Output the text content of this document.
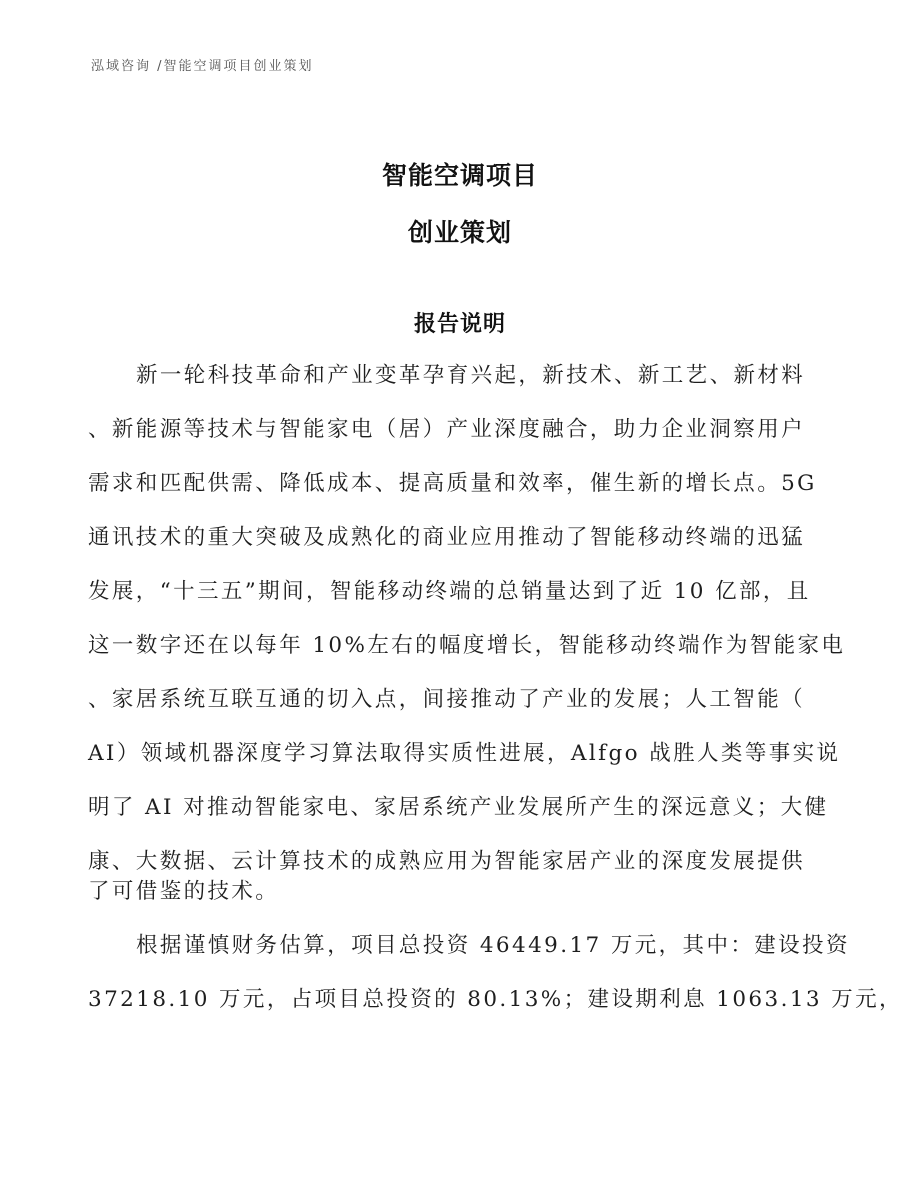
泓域咨询 /智能空调项目创业策划
智能空调项目
创业策划
报告说明
新一轮科技革命和产业变革孕育兴起，新技术、新工艺、新材料
、新能源等技术与智能家电（居）产业深度融合，助力企业洞察用户
需求和匹配供需、降低成本、提高质量和效率，催生新的增长点。5G
通讯技术的重大突破及成熟化的商业应用推动了智能移动终端的迅猛
发展，“十三五”期间，智能移动终端的总销量达到了近 10 亿部，且
这一数字还在以每年 10%左右的幅度增长，智能移动终端作为智能家电
、家居系统互联互通的切入点，间接推动了产业的发展；人工智能（
AI）领域机器深度学习算法取得实质性进展，Alfgo 战胜人类等事实说
明了 AI 对推动智能家电、家居系统产业发展所产生的深远意义；大健
康、大数据、云计算技术的成熟应用为智能家居产业的深度发展提供
了可借鉴的技术。
根据谨慎财务估算，项目总投资 46449.17 万元，其中：建设投资
37218.10 万元，占项目总投资的 80.13%；建设期利息 1063.13 万元，
